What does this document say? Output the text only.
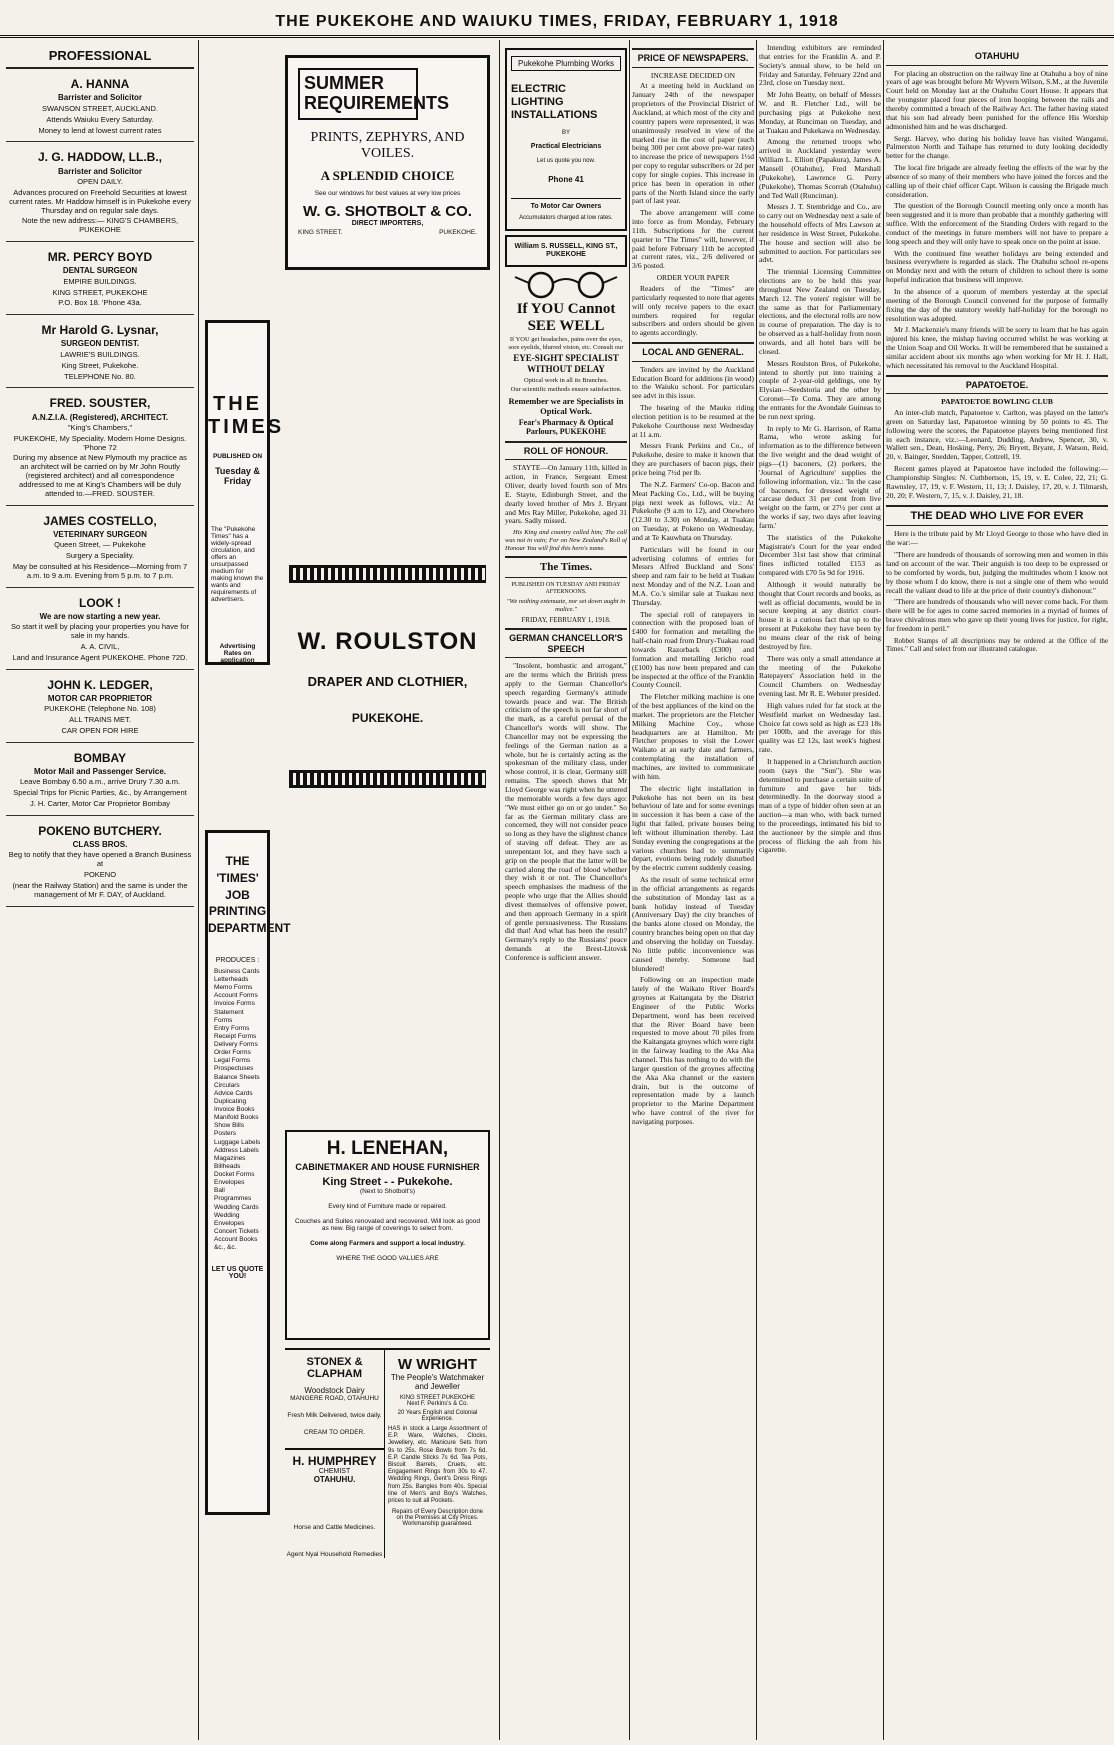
THE PUKEKOHE AND WAIUKU TIMES, FRIDAY, FEBRUARY 1, 1918
PROFESSIONAL
A. HANNA
Barrister and Solicitor
SWANSON STREET, AUCKLAND.
Attends Waiuku Every Saturday.
Money to lend at lowest current rates
J. G. HADDOW, LL.B.,
Barrister and Solicitor
OPEN DAILY.
Advances procured on Freehold Securities at lowest current rates. Mr Haddow himself is in Pukekohe every Thursday and on regular sale days.
Note the new address:— KING'S CHAMBERS, PUKEKOHE
MR. PERCY BOYD
DENTAL SURGEON
EMPIRE BUILDINGS.
KING STREET, PUKEKOHE
P.O. Box 18. 'Phone 43a.
Mr Harold G. Lysnar,
SURGEON DENTIST.
LAWRIE'S BUILDINGS.
King Street, Pukekohe.
TELEPHONE No. 80.
FRED. SOUSTER,
A.N.Z.I.A. (Registered), ARCHITECT.
"King's Chambers,"
PUKEKOHE, My Speciality. Modern Home Designs. 'Phone 72
During my absence at New Plymouth my practice as an architect will be carried on by Mr John Routly (registered architect) and all correspondence addressed to me at King's Chambers will be duly attended to.—FRED. SOUSTER.
JAMES COSTELLO,
VETERINARY SURGEON
Queen Street, — Pukekohe
Surgery a Speciality.
May be consulted at his Residence—Morning from 7 a.m. to 9 a.m. Evening from 5 p.m. to 7 p.m.
LOOK !
We are now starting a new year.
So start it well by placing your properties you have for sale in my hands.
A. A. CIVIL,
Land and Insurance Agent PUKEKOHE. Phone 72D.
JOHN K. LEDGER,
MOTOR CAR PROPRIETOR
PUKEKOHE (Telephone No. 108)
ALL TRAINS MET.
CAR OPEN FOR HIRE
BOMBAY
Motor Mail and Passenger Service.
Leave Bombay 6.50 a.m., arrive Drury 7.30 a.m.
Special Trips for Picnic Parties, &c., by Arrangement
J. H. Carter, Motor Car Proprietor Bombay
POKENO BUTCHERY.
CLASS BROS.
Beg to notify that they have opened a Branch Business at
POKENO
(near the Railway Station) and the same is under the management of Mr F. DAY, of Auckland.
THE TIMES
PUBLISHED ON
Tuesday & Friday
The "Pukekohe Times" has a widely-spread circulation, and offers an unsurpassed medium for making known the wants and requirements of advertisers.
Advertising Rates on application
THE 'TIMES' JOB PRINTING DEPARTMENT
PRODUCES :
Business Cards
Letterheads
Memo Forms
Account Forms
Invoice Forms
Statement Forms
Entry Forms
Receipt Forms
Delivery Forms
Order Forms
Legal Forms
Prospectuses
Balance Sheets
Circulars
Advice Cards
Duplicating Invoice Books
Manifold Books
Show Bills
Posters
Luggage Labels
Address Labels
Magazines
Billheads
Docket Forms
Envelopes
Ball Programmes
Wedding Cards
Wedding Envelopes
Concert Tickets
Account Books
&c., &c.
LET US QUOTE YOU!
SUMMER REQUIREMENTS
PRINTS, ZEPHYRS, AND VOILES.
A SPLENDID CHOICE
See our windows for best values at very low prices
W. G. SHOTBOLT & CO.
DIRECT IMPORTERS,
KING STREET.	PUKEKOHE.
W. ROULSTON
DRAPER AND CLOTHIER,
PUKEKOHE.
H. LENEHAN,
CABINETMAKER AND HOUSE FURNISHER
King Street - - Pukekohe.
(Next to Shotbolt's)
Every kind of Furniture made or repaired.
Couches and Suites renovated and recovered. Will look as good as new. Big range of coverings to select from.
Come along Farmers and support a local industry.
WHERE THE GOOD VALUES ARE
STONEX & CLAPHAM
Woodstock Dairy
MANGERE ROAD, OTAHUHU
Fresh Milk Delivered, twice daily.
CREAM TO ORDER.
H. HUMPHREY
CHEMIST
OTAHUHU.
Horse and Cattle Medicines.
Agent Nyal Household Remedies
W WRIGHT
The People's Watchmaker and Jeweller
KING STREET PUKEKOHE
Next F. Perkins's & Co.
20 Years English and Colonial Experience.
HAS in stock a Large Assortment of E.P. Ware, Watches, Clocks, Jewellery, etc. Manicure Sets from 9s to 25s. Rose Bowls from 7s 6d. E.P. Candle Sticks 7s 6d. Tea Pots, Biscuit Barrels, Cruets, etc. Engagement Rings from 30s to 47. Wedding Rings, Gent's Dress Rings from 25s. Bangles from 40s. Special line of Men's and Boy's Watches, prices to suit all Pockets.
Repairs of Every Description done on the Premises at City Prices. Workmanship guaranteed.
Pukekohe Plumbing Works
ELECTRIC LIGHTING INSTALLATIONS
BY
Practical Electricians
Let us quote you now.
Phone 41
To Motor Car Owners
Accumulators charged at low rates.
William S. RUSSELL, KING ST., PUKEKOHE
If YOU Cannot SEE WELL
If YOU get headaches, pains over the eyes, sore eyelids, blurred vision, etc. Consult our
EYE-SIGHT SPECIALIST WITHOUT DELAY
Optical work in all its Branches.
Our scientific methods ensure satisfaction.
Remember we are Specialists in Optical Work.
Fear's Pharmacy & Optical Parlours, PUKEKOHE
ROLL OF HONOUR.

STAYTE—On January 11th, killed in action, in France, Sergeant Ernest Oliver, dearly loved fourth son of Mrs E. Stayte, Edinburgh Street, and the dearly loved brother of Mrs J. Bryant and Mrs Ray Miller, Pukekohe, aged 31 years. Sadly missed.

His King and country called him; The call was not in vain; For on New Zealand's Roll of Honour You will find this hero's name.

The Times.
PUBLISHED ON TUESDAY AND FRIDAY AFTERNOONS.
"We nothing extenuate, nor set down aught in malice."
FRIDAY, FEBRUARY 1, 1918.
GERMAN CHANCELLOR'S SPEECH

"Insolent, bombastic and arrogant," are the terms which the British press apply to the German Chancellor's speech regarding Germany's attitude towards peace and war. The British criticism of the speech is not far short of the mark, as a careful perusal of the Chancellor's words will show. The Chancellor may not be expressing the feelings of the German nation as a whole, but he is certainly acting as the spokesman of the military class, under whose control, it is clear, Germany still remains. The speech shows that Mr Lloyd George was right when he uttered the memorable words a few days ago: "We must either go on or go under." So far as the German military class are concerned, they will not consider peace so long as they have the slightest chance of staving off defeat. They are as unrepentant lot, and they have such a grip on the people that the latter will be carried along the road of blood whether they wish it or not. The Chancellor's speech emphasises the madness of the people who urge that the Allies should divest themselves of offensive power, and then approach Germany in a spirit of gentle persuasiveness. The Russians did that! And what has been the result? Germany's reply to the Russians' peace demands at the Brest-Litovsk Conference is sufficient answer.

PRICE OF NEWSPAPERS.
INCREASE DECIDED ON

At a meeting held in Auckland on January 24th of the newspaper proprietors of the Provincial District of Auckland, at which most of the city and country papers were represented, it was unanimously resolved in view of the marked rise in the cost of paper (such being 300 per cent above pre-war rates) to increase the price of newspapers 1½d per copy to regular subscribers or 2d per copy for single copies. This increase in price has been in operation in other parts of the North Island since the early part of last year.

The above arrangement will come into force as from Monday, February 11th. Subscriptions for the current quarter to "The Times" will, however, if paid before February 11th be accepted at current rates, viz., 2/6 delivered or 3/6 posted.

ORDER YOUR PAPER

Readers of the "Times" are particularly requested to note that agents will only receive papers to the exact numbers required for regular subscribers and orders should be given to agents accordingly.

LOCAL AND GENERAL.

Tenders are invited by the Auckland Education Board for additions (in wood) to the Waiuku school. For particulars see advt in this issue.

The hearing of the Mauku riding election petition is to be resumed at the Pukekohe Courthouse next Wednesday at 11 a.m.

Messrs Frank Perkins and Co., of Pukekohe, desire to make it known that they are purchasers of bacon pigs, their price being 7½d per lb.

The N.Z. Farmers' Co-op. Bacon and Meat Packing Co., Ltd., will be buying pigs next week as follows, viz.: At Pukekohe (9 a.m to 12), and Onewhero (12.30 to 3.30) on Monday, at Tuakau on Tuesday, at Pokeno on Wednesday, and at Te Kauwhata on Thursday.

Particulars will be found in our advertising columns of entries for Messrs Alfred Buckland and Sons' sheep and ram fair to be held at Tuakau next Monday and of the N.Z. Loan and M.A. Co.'s similar sale at Tuakau next Thursday.

The special roll of ratepayers in connection with the proposed loan of £400 for formation and metalling the half-chain road from Drury-Tuakau road towards Razorback (£300) and formation and metalling Jericho road (£100) has now been prepared and can be inspected at the office of the Franklin County Council.

The Fletcher milking machine is one of the best appliances of the kind on the market. The proprietors are the Fletcher Milking Machine Coy., whose headquarters are at Hamilton. Mr Fletcher proposes to visit the Lower Waikato at an early date and farmers, contemplating the installation of machines, are invited to communicate with him.

The electric light installation in Pukekohe has not been on its best behaviour of late and for some evenings in succession it has been a case of the light that failed, private houses being left without illumination thereby. Last Sunday evening the congregations at the various churches had to summarily depart, evotions being rudely disturbed by the electric current suddenly ceasing.

As the result of some technical error in the official arrangements as regards the substitution of Monday last as a bank holiday instead of Tuesday (Anniversary Day) the city branches of the banks alone closed on Monday, the country branches being open on that day and observing the holiday on Tuesday. No little public inconvenience was caused thereby. Someone had blundered!

Following on an inspection made lately of the Waikato River Board's groynes at Kaitangata by the District Engineer of the Public Works Department, word has been received that the River Board have been requested to move about 70 piles from the Kaitangata groynes which were right in the fairway leading to the Aka Aka channel. This has nothing to do with the larger question of the groynes affecting the Aka Aka channel or the eastern drain, but is the outcome of representation made by a launch proprietor to the Marine Department who have control of the river for navigating purposes.

Intending exhibitors are reminded that entries for the Franklin A. and P. Society's annual show, to be held on Friday and Saturday, February 22nd and 23rd, close on Tuesday next.

Mr John Beatty, on behalf of Messrs W. and R. Fletcher Ltd., will be purchasing pigs at Pukekohe next Monday, at Runciman on Tuesday, and at Tuakau and Pukekawa on Wednesday.

Among the returned troops who arrived in Auckland yesterday were William L. Elliott (Papakura), James A. Mansell (Otahuhu), Fred Marshall (Pukekohe), Lawrence G. Perry (Pukekohe), Thomas Scorrah (Otahuhu) and Ted Wall (Runciman).

Messrs J. T. Stembridge and Co., are to carry out on Wednesday next a sale of the household effects of Mrs Lawson at her residence in West Street, Pukekohe. The house and section will also be submitted to auction. For particulars see advt.

The triennial Licensing Committee elections are to be held this year throughout New Zealand on Tuesday, March 12. The voters' register will be the same as that for Parliamentary elections, and the electoral rolls are now in course of preparation. The day is to be observed as a half-holiday from noon onwards, and all hotel bars will be closed.

Messrs Roulston Bros, of Pukekohe, intend to shortly put into training a couple of 2-year-old geldings, one by Elysian—Seedstoria and the other by Coronet—Te Coma. They are among the entrants for the Avondale Guineas to be run next spring.

In reply to Mr G. Harrison, of Rama Rama, who wrote asking for information as to the difference between the live weight and the dead weight of pigs—(1) baconers, (2) porkers, the 'Journal of Agriculture' supplies the following information, viz.: 'In the case of baconers, for dressed weight of carcase deduct 31 per cent from live weight on the farm, or 27½ per cent at the works if say, two days after leaving farm.'

The statistics of the Pukekohe Magistrate's Court for the year ended December 31st last show that criminal fines inflicted totalled £153 as compared with £70 5s 9d for 1916.

Although it would naturally be thought that Court records and books, as well as official documents, would be in secure keeping at any district court-house it is a curious fact that up to the present at Pukekohe they have been by no means clear of the risk of being destroyed by fire.

There was only a small attendance at the meeting of the Pukekohe Ratepayers' Association held in the Council Chambers on Wednesday evening last. Mr R. E. Webster presided.

High values ruled for fat stock at the Westfield market on Wednesday last. Choice fat cows sold as high as £23 18s per 100lb, and the average for this quality was £2 12s, last week's highest rate.

It happened in a Christchurch auction room (says the "Sun"). She was determined to purchase a certain suite of furniture and gave her bids determinedly. In the doorway stood a man of a type of bidder often seen at an auction—a man who, with back turned to the proceedings, intimated his bid to the auctioneer by the simple and thus process of flicking the ash from his cigarette.

OTAHUHU

For placing an obstruction on the railway line at Otahuhu a boy of nine years of age was brought before Mr Wyvern Wilson, S.M., at the Juvenile Court held on Monday last at the Otahuhu Court House. It appears that the youngster placed four pieces of iron hooping between the rails and thereby committed a breach of the Railway Act. The father having stated that his son had already been punished for the offence His Worship admonished him and he was discharged.

Sergt. Harvey, who during his holiday leave has visited Wanganui, Palmerston North and Taihape has returned to duty looking decidedly better for the change.

The local fire brigade are already feeling the effects of the war by the absence of so many of their members who have joined the forces and the calling up of their chief officer Capt. Wilson is causing the Brigade much consideration.

The question of the Borough Council meeting only once a month has been suggested and it is more than probable that a monthly gathering will suffice. With the enforcement of the Standing Orders with regard to the conduct of the meetings in future members will not have to prepare a long speech and they will only have to speak once on the point at issue.

With the continued fine weather holidays are being extended and business everywhere is regarded as slack. The Otahuhu school re-opens on Monday next and with the return of children to school there is some hopeful indication that business will improve.

In the absence of a quorum of members yesterday at the special meeting of the Borough Council convened for the purpose of formally fixing the day of the statutory weekly half-holiday for the borough no resolution was adopted.

Mr J. Mackenzie's many friends will be sorry to learn that he has again injured his knee, the mishap having occurred whilst he was working at the Union Soap and Oil Works. It will be remembered that he sustained a similar accident about six months ago when working for Mr H. J. Hall, which necessitated his removal to the Auckland Hospital.

PAPATOETOE.
PAPATOETOE BOWLING CLUB

An inter-club match, Papatoetoe v. Carlton, was played on the latter's green on Saturday last, Papatoetoe winning by 50 points to 45. The following were the scores, the Papatoetoe players being mentioned first in each instance, viz.:—Leonard, Dudding, Andrew, Spencer, 30, v. Wallett sen., Dean, Hosking, Perry, 26; Bryett, Bryant, J. Watson, Reid, 20, v. Bainger, Snedden, Tapper, Cottrell, 19.

Recent games played at Papatoetoe have included the following:— Championship Singles: N. Cuthbertson, 15, 19, v. E. Colee, 22, 21; G. Rawnsley, 17, 19, v. F. Western, 11, 13; J. Daisley, 17, 20, v. J. Tilmarsh, 20, 20; F. Western, 7, 15, v. J. Daisley, 21, 18.

THE DEAD WHO LIVE FOR EVER

Here is the tribute paid by Mr Lloyd George to those who have died in the war:—

"There are hundreds of thousands of sorrowing men and women in this land on account of the war. Their anguish is too deep to be expressed or to be comforted by words, but, judging the multitudes whom I know not by those whom I do know, there is not a single one of them who would recall the valiant dead to life at the price of their country's dishonour."

"There are hundreds of thousands who will never come back. For them there will be for ages to come sacred memories in a myriad of homes of brave chivalrous men who gave up their young lives for justice, for right, for freedom in peril."

Robbet Stamps of all descriptions may be ordered at the Office of the Times." Call and select from our illustrated catalogue.
